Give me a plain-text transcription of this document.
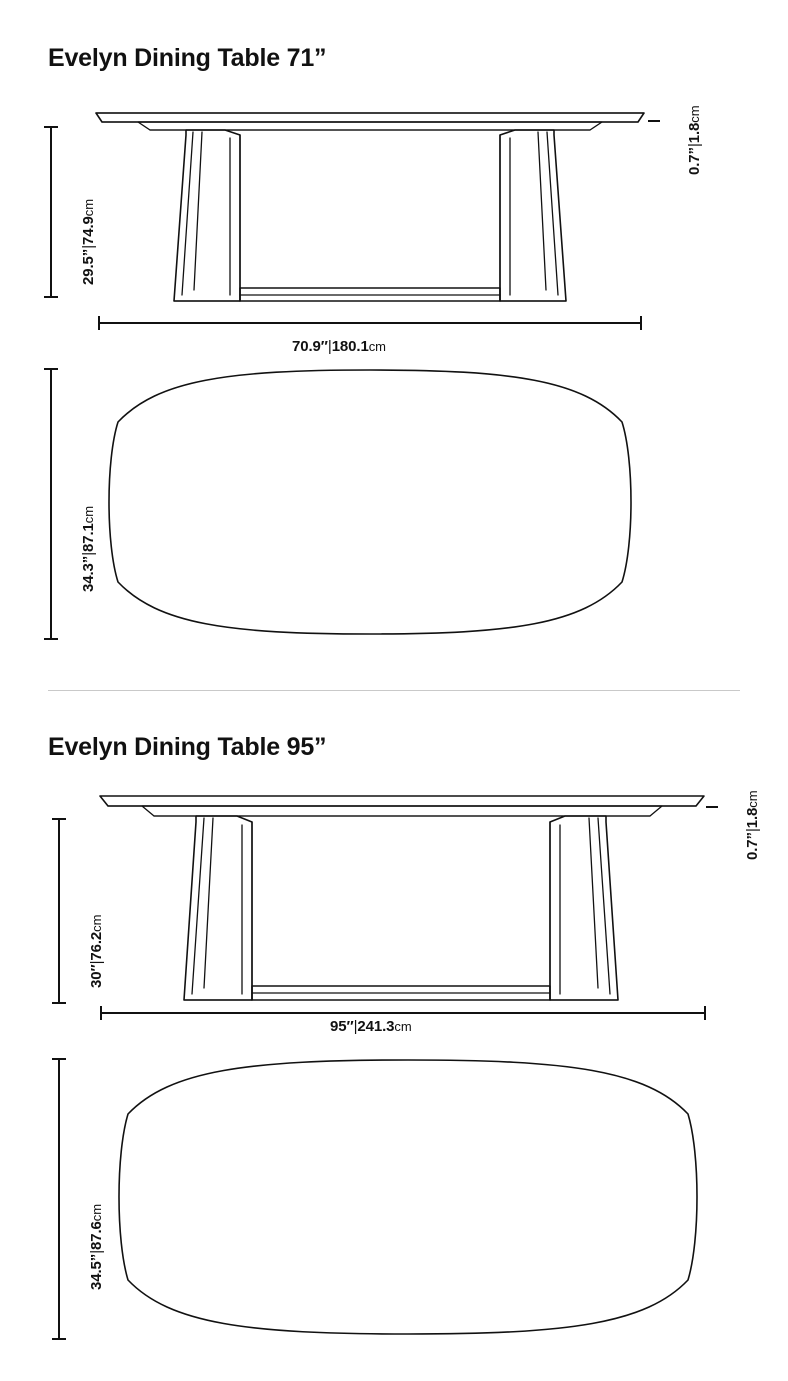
Evelyn Dining Table 71”
29.5”|74.9cm
0.7”|1.8cm
70.9″|180.1cm
34.3”|87.1cm
Evelyn Dining Table 95”
30″|76.2cm
0.7”|1.8cm
95″|241.3cm
34.5”|87.6cm
